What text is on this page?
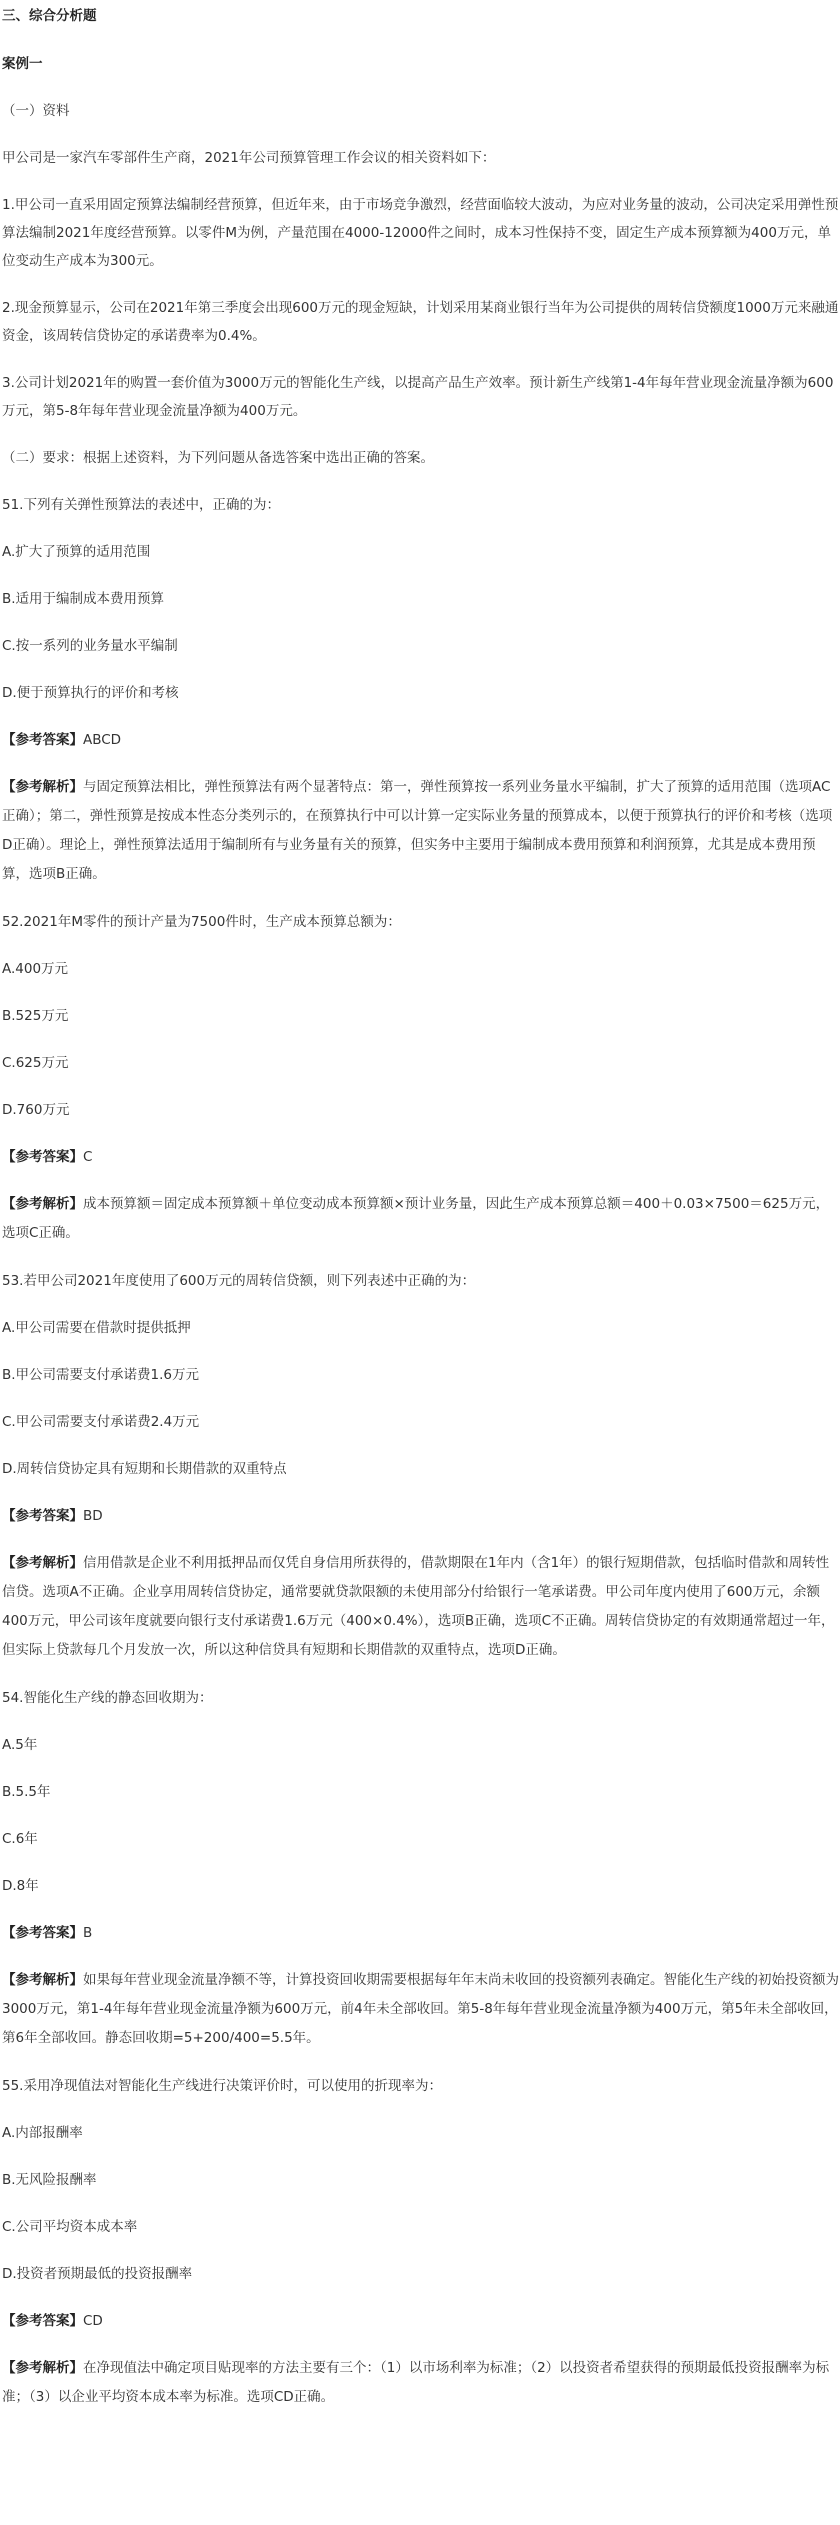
三、综合分析题

案例一

（一）资料

甲公司是一家汽车零部件生产商，2021年公司预算管理工作会议的相关资料如下：

1.甲公司一直采用固定预算法编制经营预算，但近年来，由于市场竞争激烈，经营面临较大波动，为应对业务量的波动，公司决定采用弹性预算法编制2021年度经营预算。以零件M为例，产量范围在4000-12000件之间时，成本习性保持不变，固定生产成本预算额为400万元，单位变动生产成本为300元。

2.现金预算显示，公司在2021年第三季度会出现600万元的现金短缺，计划采用某商业银行当年为公司提供的周转信贷额度1000万元来融通资金，该周转信贷协定的承诺费率为0.4%。

3.公司计划2021年的购置一套价值为3000万元的智能化生产线，以提高产品生产效率。预计新生产线第1-4年每年营业现金流量净额为600万元，第5-8年每年营业现金流量净额为400万元。

（二）要求：根据上述资料，为下列问题从备选答案中选出正确的答案。

51.下列有关弹性预算法的表述中，正确的为：

A.扩大了预算的适用范围

B.适用于编制成本费用预算

C.按一系列的业务量水平编制

D.便于预算执行的评价和考核

【参考答案】ABCD

【参考解析】与固定预算法相比，弹性预算法有两个显著特点：第一，弹性预算按一系列业务量水平编制，扩大了预算的适用范围（选项AC正确）；第二，弹性预算是按成本性态分类列示的，在预算执行中可以计算一定实际业务量的预算成本，以便于预算执行的评价和考核（选项D正确）。理论上，弹性预算法适用于编制所有与业务量有关的预算，但实务中主要用于编制成本费用预算和利润预算，尤其是成本费用预算，选项B正确。

52.2021年M零件的预计产量为7500件时，生产成本预算总额为：

A.400万元

B.525万元

C.625万元

D.760万元

【参考答案】C

【参考解析】成本预算额＝固定成本预算额＋单位变动成本预算额×预计业务量，因此生产成本预算总额＝400＋0.03×7500＝625万元，选项C正确。

53.若甲公司2021年度使用了600万元的周转信贷额，则下列表述中正确的为：

A.甲公司需要在借款时提供抵押

B.甲公司需要支付承诺费1.6万元

C.甲公司需要支付承诺费2.4万元

D.周转信贷协定具有短期和长期借款的双重特点

【参考答案】BD

【参考解析】信用借款是企业不利用抵押品而仅凭自身信用所获得的，借款期限在1年内（含1年）的银行短期借款，包括临时借款和周转性信贷。选项A不正确。企业享用周转信贷协定，通常要就贷款限额的未使用部分付给银行一笔承诺费。甲公司年度内使用了600万元，余额400万元，甲公司该年度就要向银行支付承诺费1.6万元（400×0.4%），选项B正确，选项C不正确。周转信贷协定的有效期通常超过一年，但实际上贷款每几个月发放一次，所以这种信贷具有短期和长期借款的双重特点，选项D正确。

54.智能化生产线的静态回收期为：

A.5年

B.5.5年

C.6年

D.8年

【参考答案】B

【参考解析】如果每年营业现金流量净额不等，计算投资回收期需要根据每年年末尚未收回的投资额列表确定。智能化生产线的初始投资额为3000万元，第1-4年每年营业现金流量净额为600万元，前4年未全部收回。第5-8年每年营业现金流量净额为400万元，第5年未全部收回，第6年全部收回。静态回收期=5+200/400=5.5年。

55.采用净现值法对智能化生产线进行决策评价时，可以使用的折现率为：

A.内部报酬率

B.无风险报酬率

C.公司平均资本成本率

D.投资者预期最低的投资报酬率

【参考答案】CD

【参考解析】在净现值法中确定项目贴现率的方法主要有三个：（1）以市场利率为标准；（2）以投资者希望获得的预期最低投资报酬率为标准；（3）以企业平均资本成本率为标准。选项CD正确。
